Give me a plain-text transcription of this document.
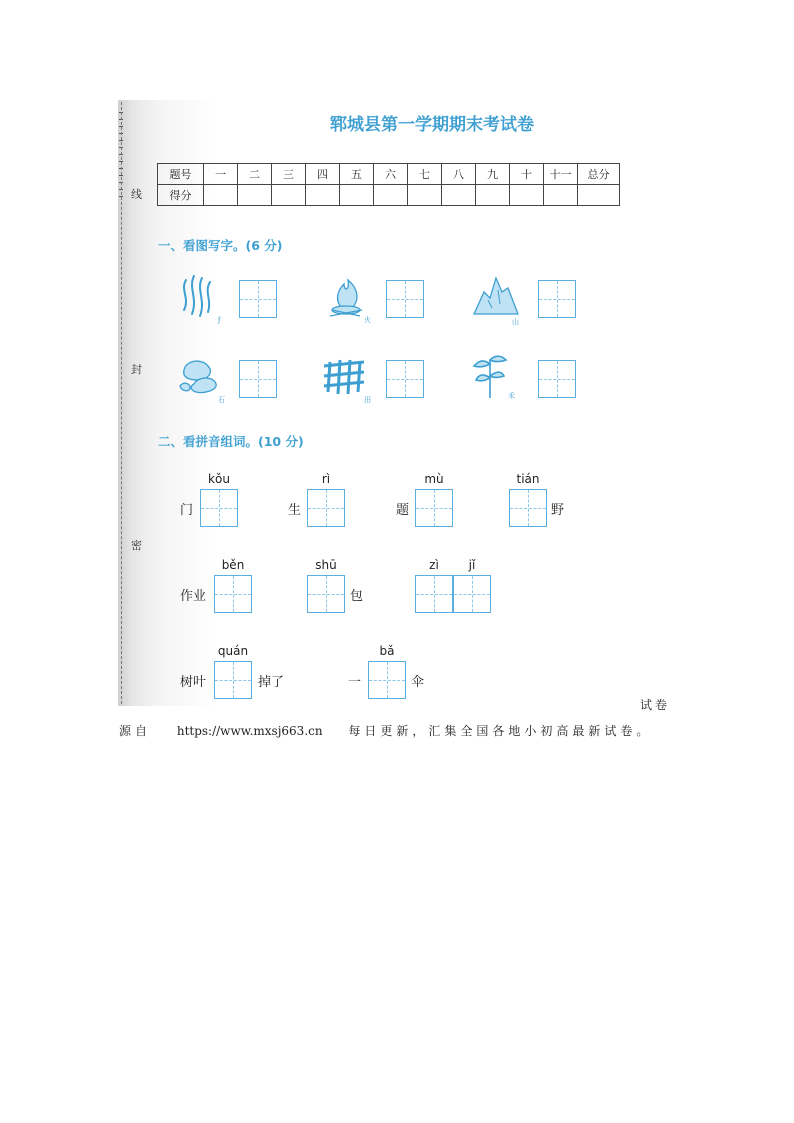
线
封
密
郓城县第一学期期末考试卷
题号	一	二	三	四	五	六	七	八	九	十	十一	总分
得分												
一、看图写字。(6 分)
ƒ	火	山
石	田	禾
二、看拼音组词。(10 分)
kǒu
门
rì
生
mù
题
tián
野
běn
作业
shū
包
zì	jǐ
quán
树叶	掉了
bǎ
一	伞
试卷
源自 https://www.mxsj663.cn 每日更新，汇集全国各地小初高最新试卷。
